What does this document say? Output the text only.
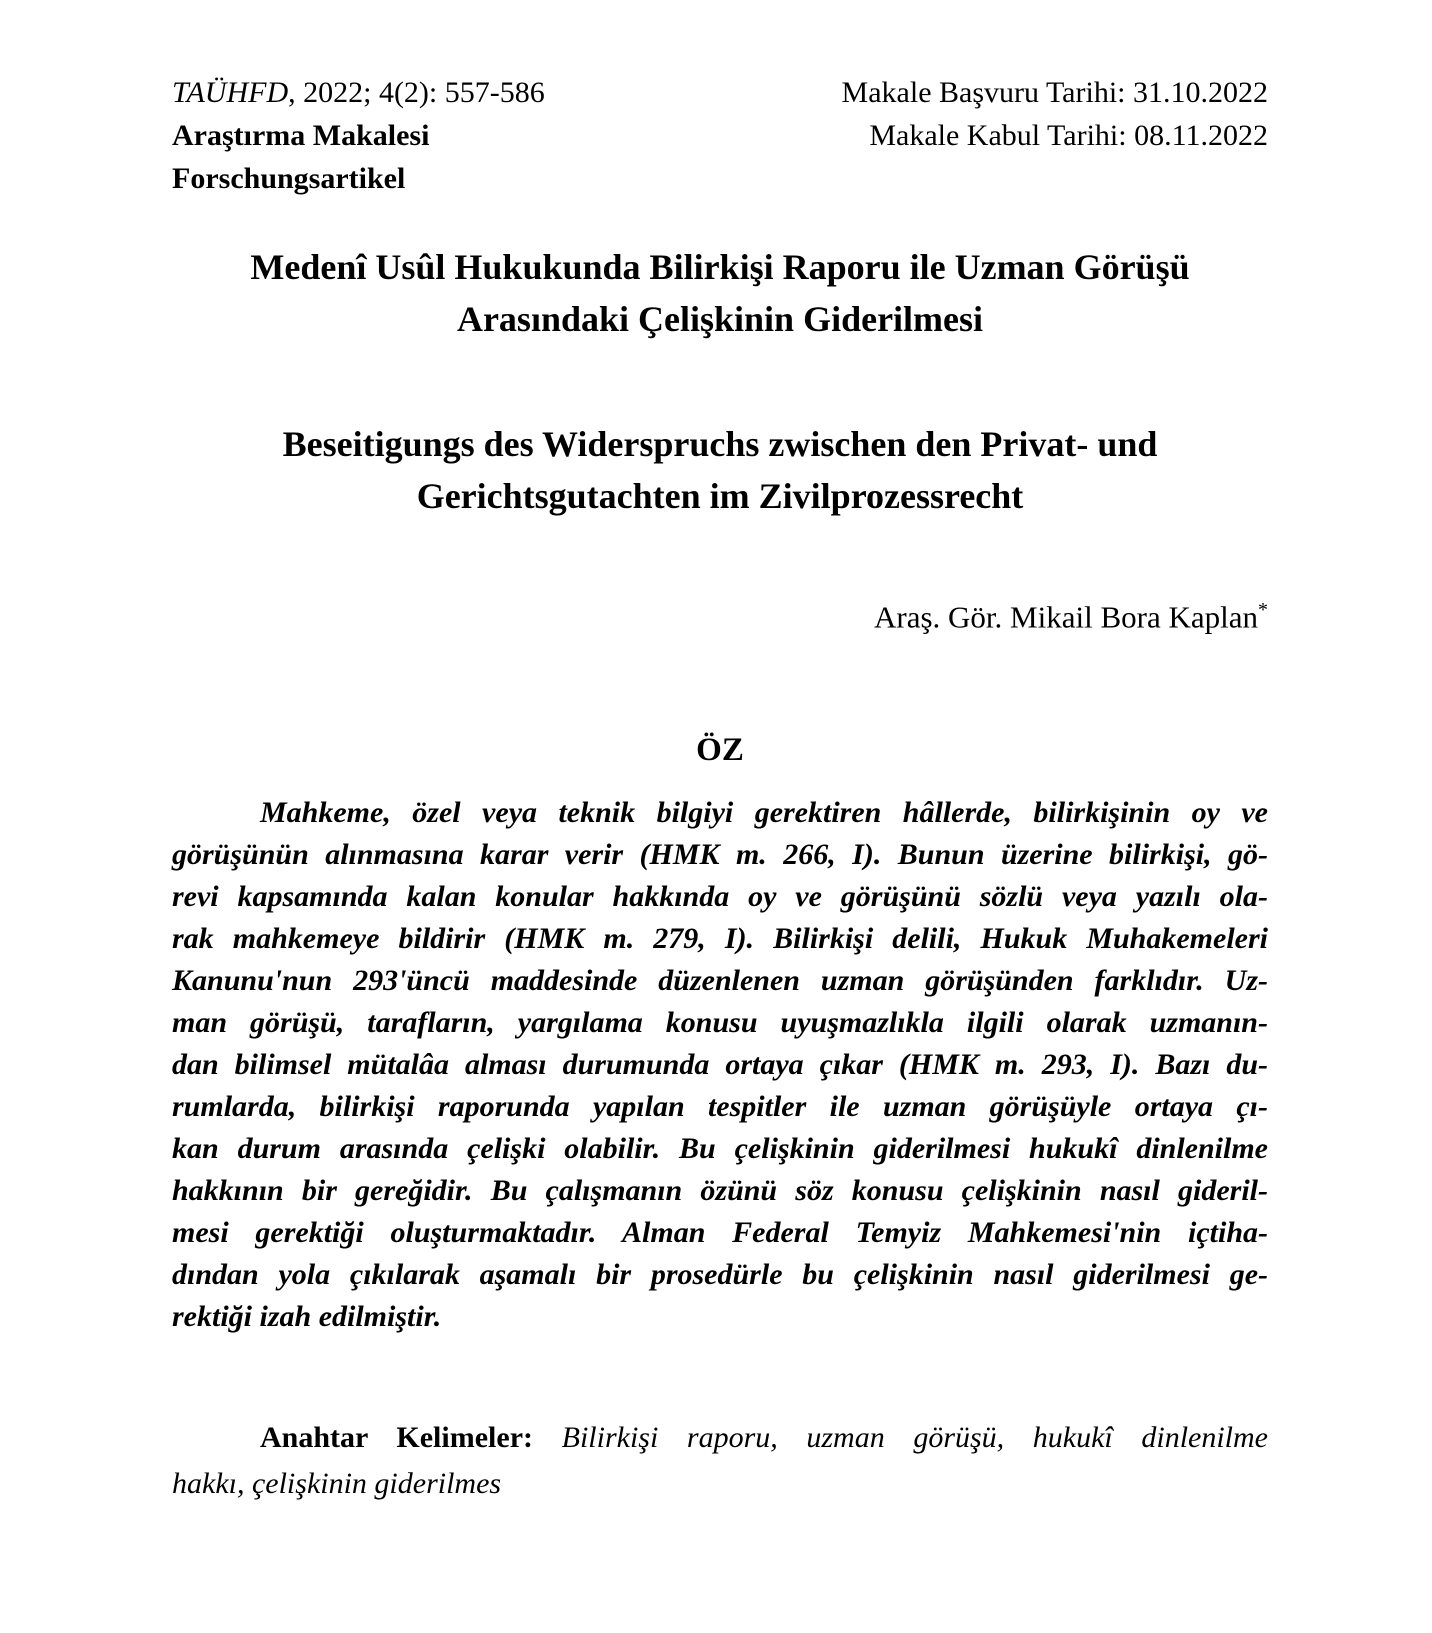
TAÜHFD, 2022; 4(2): 557-586
Araştırma Makalesi
Forschungsartikel
Makale Başvuru Tarihi: 31.10.2022
Makale Kabul Tarihi: 08.11.2022
Medenî Usûl Hukukunda Bilirkişi Raporu ile Uzman Görüşü
Arasındaki Çelişkinin Giderilmesi
Beseitigungs des Widerspruchs zwischen den Privat- und
Gerichtsgutachten im Zivilprozessrecht
Araş. Gör. Mikail Bora Kaplan*
ÖZ
Mahkeme, özel veya teknik bilgiyi gerektiren hâllerde, bilirkişinin oy ve
görüşünün alınmasına karar verir (HMK m. 266, I). Bunun üzerine bilirkişi, gö-
revi kapsamında kalan konular hakkında oy ve görüşünü sözlü veya yazılı ola-
rak mahkemeye bildirir (HMK m. 279, I). Bilirkişi delili, Hukuk Muhakemeleri
Kanunu'nun 293'üncü maddesinde düzenlenen uzman görüşünden farklıdır. Uz-
man görüşü, tarafların, yargılama konusu uyuşmazlıkla ilgili olarak uzmanın-
dan bilimsel mütalâa alması durumunda ortaya çıkar (HMK m. 293, I). Bazı du-
rumlarda, bilirkişi raporunda yapılan tespitler ile uzman görüşüyle ortaya çı-
kan durum arasında çelişki olabilir. Bu çelişkinin giderilmesi hukukî dinlenilme
hakkının bir gereğidir. Bu çalışmanın özünü söz konusu çelişkinin nasıl gideril-
mesi gerektiği oluşturmaktadır. Alman Federal Temyiz Mahkemesi'nin içtiha-
dından yola çıkılarak aşamalı bir prosedürle bu çelişkinin nasıl giderilmesi ge-
rektiği izah edilmiştir.
Anahtar Kelimeler: Bilirkişi raporu, uzman görüşü, hukukî dinlenilme
hakkı, çelişkinin giderilmes
